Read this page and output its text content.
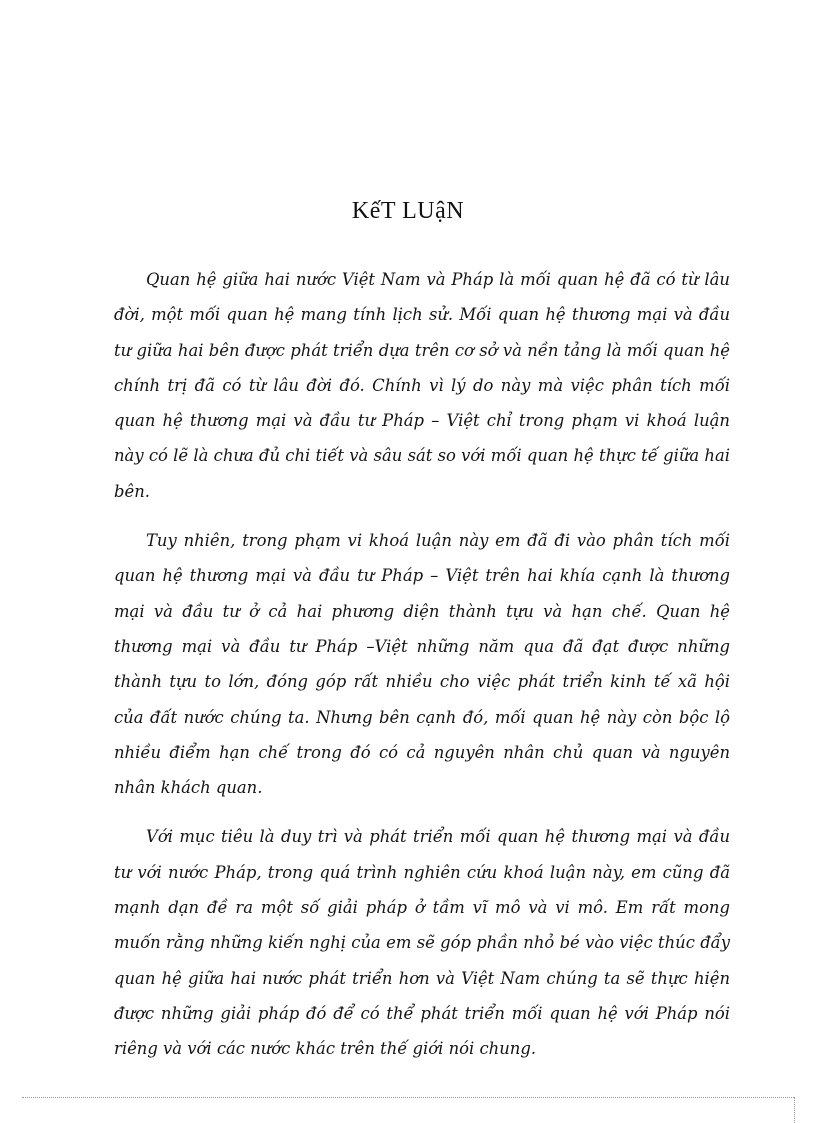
KếT LUậN

Quan hệ giữa hai nước Việt Nam và Pháp là mối quan hệ đã có từ lâu đời, một mối quan hệ mang tính lịch sử. Mối quan hệ thương mại và đầu tư giữa hai bên được phát triển dựa trên cơ sở và nền tảng là mối quan hệ chính trị đã có từ lâu đời đó. Chính vì lý do này mà việc phân tích mối quan hệ thương mại và đầu tư Pháp – Việt chỉ trong phạm vi khoá luận này có lẽ là chưa đủ chi tiết và sâu sát so với mối quan hệ thực tế giữa hai bên.

Tuy nhiên, trong phạm vi khoá luận này em đã đi vào phân tích mối quan hệ thương mại và đầu tư Pháp – Việt trên hai khía cạnh là thương mại và đầu tư ở cả hai phương diện thành tựu và hạn chế. Quan hệ thương mại và đầu tư Pháp –Việt những năm qua đã đạt được những thành tựu to lớn, đóng góp rất nhiều cho việc phát triển kinh tế xã hội của đất nước chúng ta. Nhưng bên cạnh đó, mối quan hệ này còn bộc lộ nhiều điểm hạn chế trong đó có cả nguyên nhân chủ quan và nguyên nhân khách quan.

Với mục tiêu là duy trì và phát triển mối quan hệ thương mại và đầu tư với nước Pháp, trong quá trình nghiên cứu khoá luận này, em cũng đã mạnh dạn đề ra một số giải pháp ở tầm vĩ mô và vi mô. Em rất mong muốn rằng những kiến nghị của em sẽ góp phần nhỏ bé vào việc thúc đẩy quan hệ giữa hai nước phát triển hơn và Việt Nam chúng ta sẽ thực hiện được những giải pháp đó để có thể phát triển mối quan hệ với Pháp nói riêng và với các nước khác trên thế giới nói chung.
